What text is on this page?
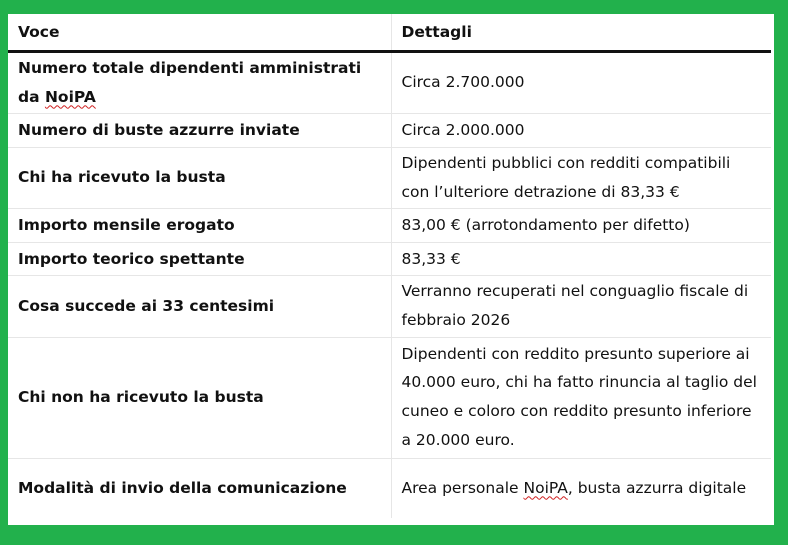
Voce	Dettagli
Numero totale dipendenti amministrati da NoiPA	Circa 2.700.000
Numero di buste azzurre inviate	Circa 2.000.000
Chi ha ricevuto la busta	Dipendenti pubblici con redditi compatibili con l’ulteriore detrazione di 83,33 €
Importo mensile erogato	83,00 € (arrotondamento per difetto)
Importo teorico spettante	83,33 €
Cosa succede ai 33 centesimi	Verranno recuperati nel conguaglio fiscale di febbraio 2026
Chi non ha ricevuto la busta	Dipendenti con reddito presunto superiore ai 40.000 euro, chi ha fatto rinuncia al taglio del cuneo e coloro con reddito presunto inferiore a 20.000 euro.
Modalità di invio della comunicazione	Area personale NoiPA, busta azzurra digitale
